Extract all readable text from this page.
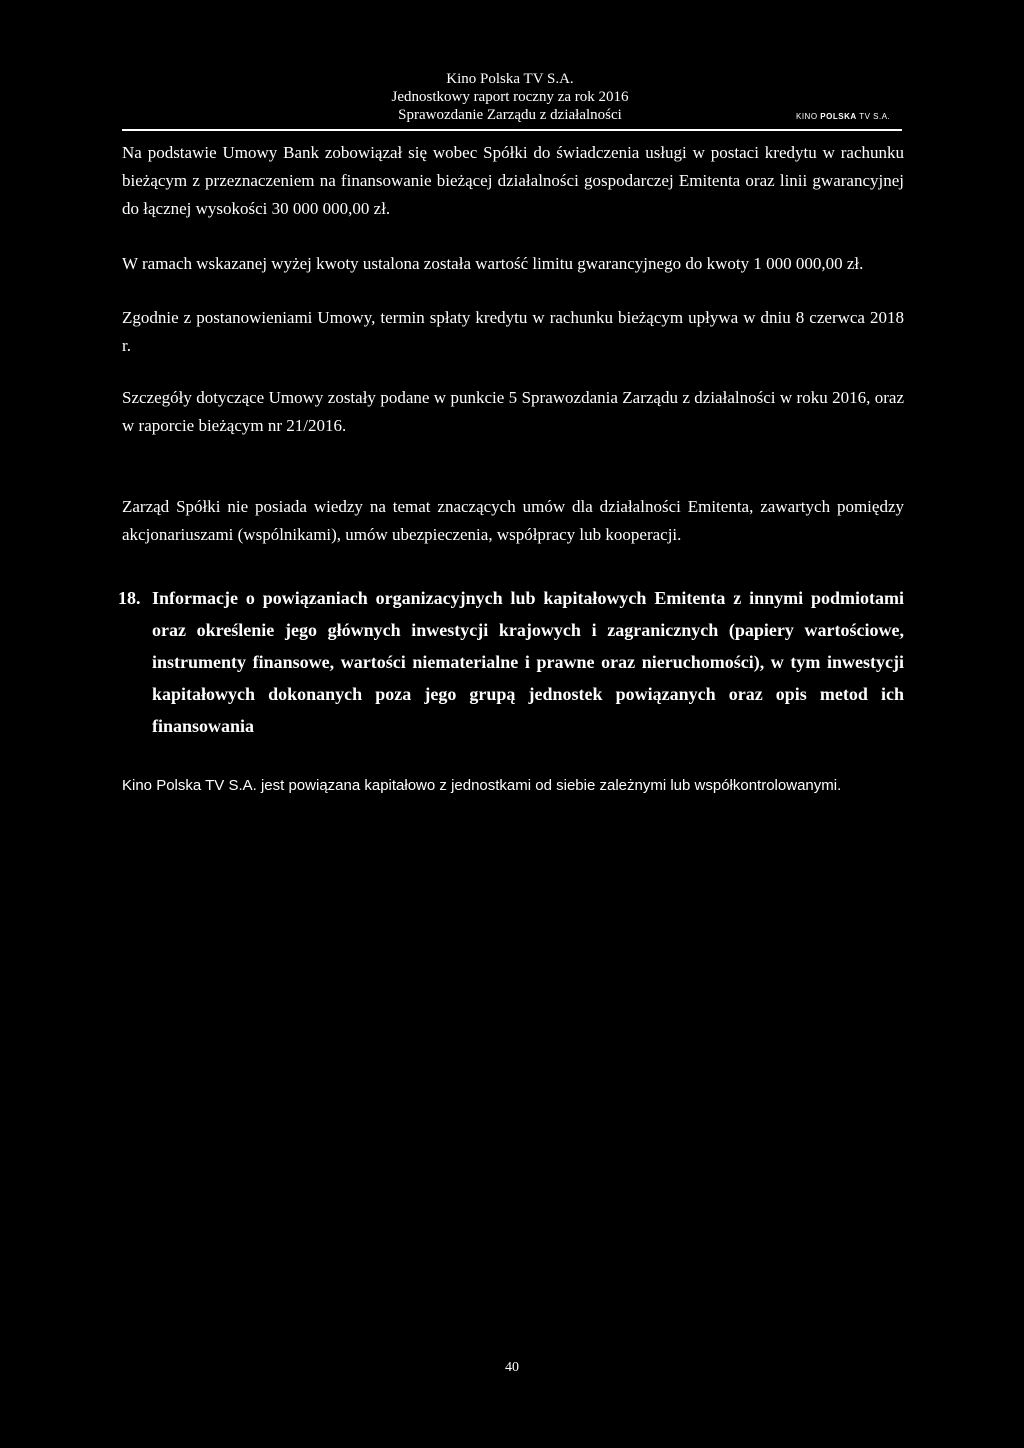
Kino Polska TV S.A.
Jednostkowy raport roczny za rok 2016
Sprawozdanie Zarządu z działalności	KINO POLSKA TV S.A.
Na podstawie Umowy Bank zobowiązał się wobec Spółki do świadczenia usługi w postaci kredytu w rachunku bieżącym z przeznaczeniem na finansowanie bieżącej działalności gospodarczej Emitenta oraz linii gwarancyjnej do łącznej wysokości 30 000 000,00 zł.
W ramach wskazanej wyżej kwoty ustalona została wartość limitu gwarancyjnego do kwoty 1 000 000,00 zł.
Zgodnie z postanowieniami Umowy, termin spłaty kredytu w rachunku bieżącym upływa w dniu 8 czerwca 2018 r.
Szczegóły dotyczące Umowy zostały podane w punkcie 5 Sprawozdania Zarządu z działalności w roku 2016, oraz w raporcie bieżącym nr 21/2016.
Zarząd Spółki nie posiada wiedzy na temat znaczących umów dla działalności Emitenta, zawartych pomiędzy akcjonariuszami (wspólnikami), umów ubezpieczenia, współpracy lub kooperacji.
18. Informacje o powiązaniach organizacyjnych lub kapitałowych Emitenta z innymi podmiotami oraz określenie jego głównych inwestycji krajowych i zagranicznych (papiery wartościowe, instrumenty finansowe, wartości niematerialne i prawne oraz nieruchomości), w tym inwestycji kapitałowych dokonanych poza jego grupą jednostek powiązanych oraz opis metod ich finansowania
Kino Polska TV S.A. jest powiązana kapitałowo z jednostkami od siebie zależnymi lub współkontrolowanymi.
40
